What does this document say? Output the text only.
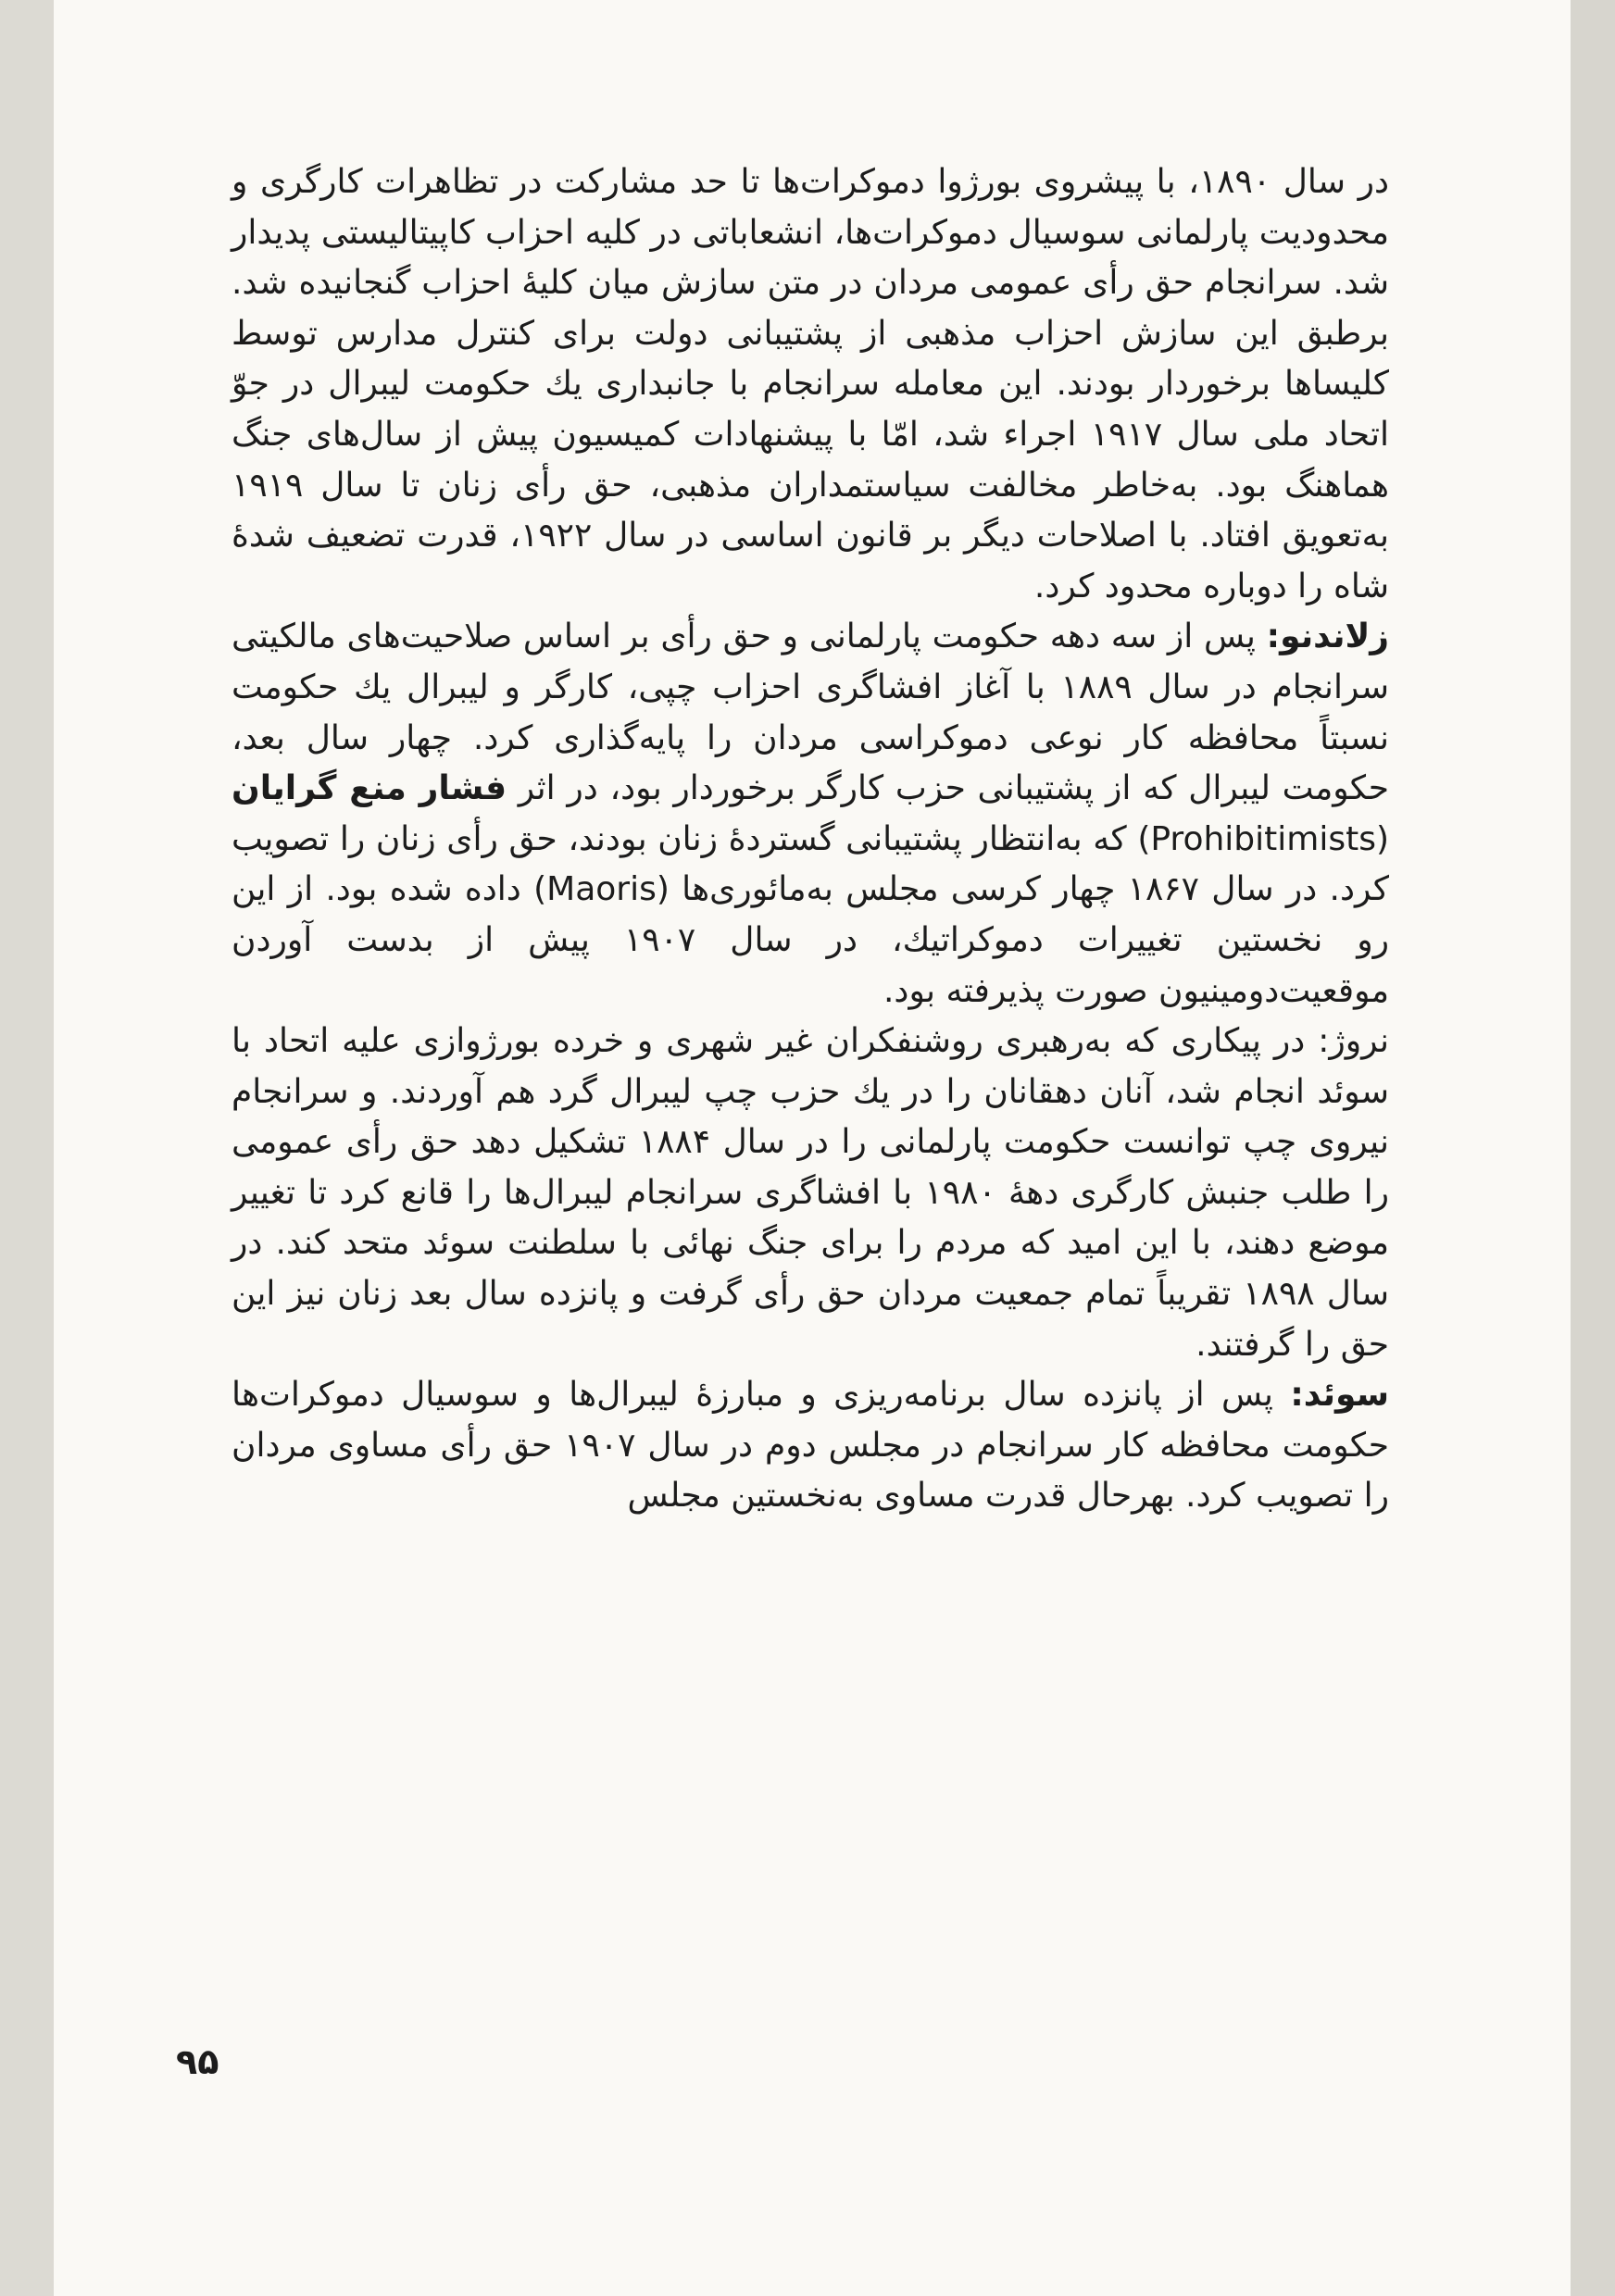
در سال ۱۸۹۰، با پیشروی بورژوا دموکرات‌ها تا حد مشارکت در تظاهرات کارگری و محدودیت پارلمانی سوسیال دموکرات‌ها، انشعاباتی در کلیه احزاب کاپیتالیستی پدیدار شد. سرانجام حق رأی عمومی مردان در متن سازش میان کلیهٔ احزاب گنجانیده شد. برطبق این سازش احزاب مذهبی از پشتیبانی دولت برای کنترل مدارس توسط کلیساها برخوردار بودند. این معامله سرانجام با جانبداری یك حکومت لیبرال در جوّ اتحاد ملی سال ۱۹۱۷ اجراء شد، امّا با پیشنهادات کمیسیون پیش از سال‌های جنگ هماهنگ بود. به‌خاطر مخالفت سیاستمداران مذهبی، حق رأی زنان تا سال ۱۹۱۹ به‌تعویق افتاد. با اصلاحات دیگر بر قانون اساسی در سال ۱۹۲۲، قدرت تضعیف شدهٔ شاه را دوباره محدود کرد.

زلاندنو: پس از سه دهه حکومت پارلمانی و حق رأی بر اساس صلاحیت‌های مالکیتی سرانجام در سال ۱۸۸۹ با آغاز افشاگری احزاب چپی، کارگر و لیبرال یك حکومت نسبتاً محافظه کار نوعی دموکراسی مردان را پایه‌گذاری کرد. چهار سال بعد، حکومت لیبرال که از پشتیبانی حزب کارگر برخوردار بود، در اثر فشار منع گرایان (Prohibitimists) که به‌انتظار پشتیبانی گستردهٔ زنان بودند، حق رأی زنان را تصویب کرد. در سال ۱۸۶۷ چهار کرسی مجلس به‌مائوری‌ها (Maoris) داده شده بود. از این رو نخستین تغییرات دموکراتیك، در سال ۱۹۰۷ پیش از بدست آوردن موقعیت‌دومینیون صورت پذیرفته بود.

نروژ: در پیکاری که به‌رهبری روشنفکران غیر شهری و خرده بورژوازی علیه اتحاد با سوئد انجام شد، آنان دهقانان را در یك حزب چپ لیبرال گرد هم آوردند. و سرانجام نیروی چپ توانست حکومت پارلمانی را در سال ۱۸۸۴ تشکیل دهد حق رأی عمومی را طلب جنبش کارگری دههٔ ۱۹۸۰ با افشاگری سرانجام لیبرال‌ها را قانع کرد تا تغییر موضع دهند، با این امید که مردم را برای جنگ نهائی با سلطنت سوئد متحد کند. در سال ۱۸۹۸ تقریباً تمام جمعیت مردان حق رأی گرفت و پانزده سال بعد زنان نیز این حق را گرفتند.

سوئد: پس از پانزده سال برنامه‌ریزی و مبارزهٔ لیبرال‌ها و سوسیال دموکرات‌ها حکومت محافظه کار سرانجام در مجلس دوم در سال ۱۹۰۷ حق رأی مساوی مردان را تصویب کرد. بهرحال قدرت مساوی به‌نخستین مجلس

۹۵
